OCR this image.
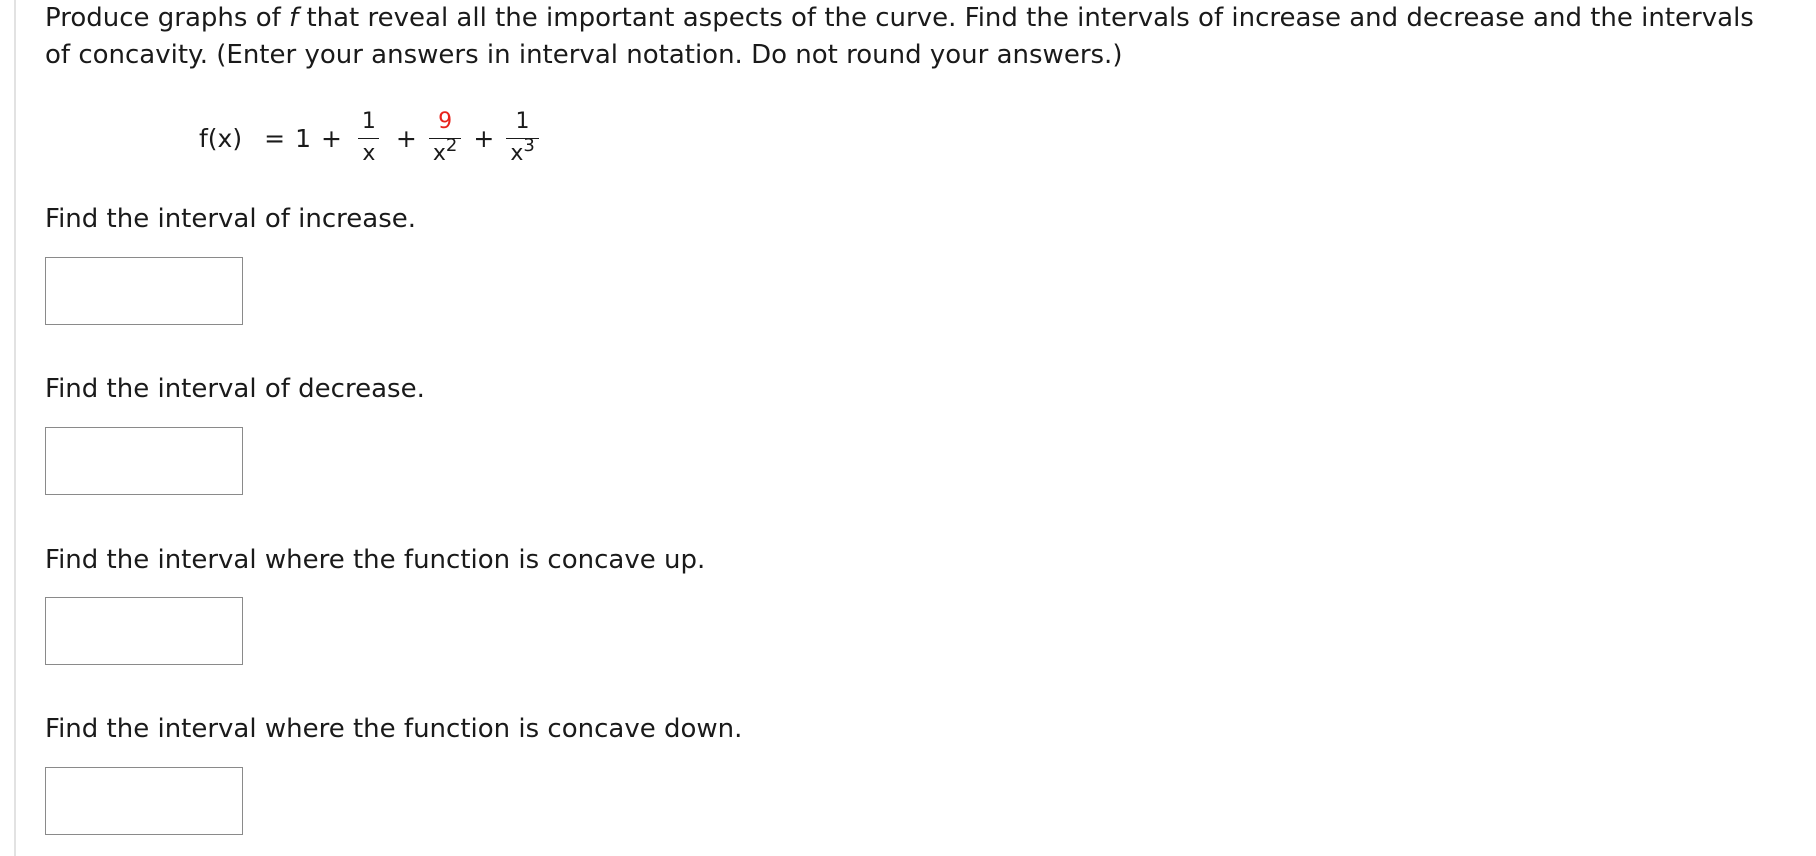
Produce graphs of f that reveal all the important aspects of the curve. Find the intervals of increase and decrease and the intervals of concavity. (Enter your answers in interval notation. Do not round your answers.)

$f(x) = 1 + \frac{1}{x} + \frac{9}{x^2} + \frac{1}{x^3}$

Find the interval of increase.

Find the interval of decrease.

Find the interval where the function is concave up.

Find the interval where the function is concave down.
